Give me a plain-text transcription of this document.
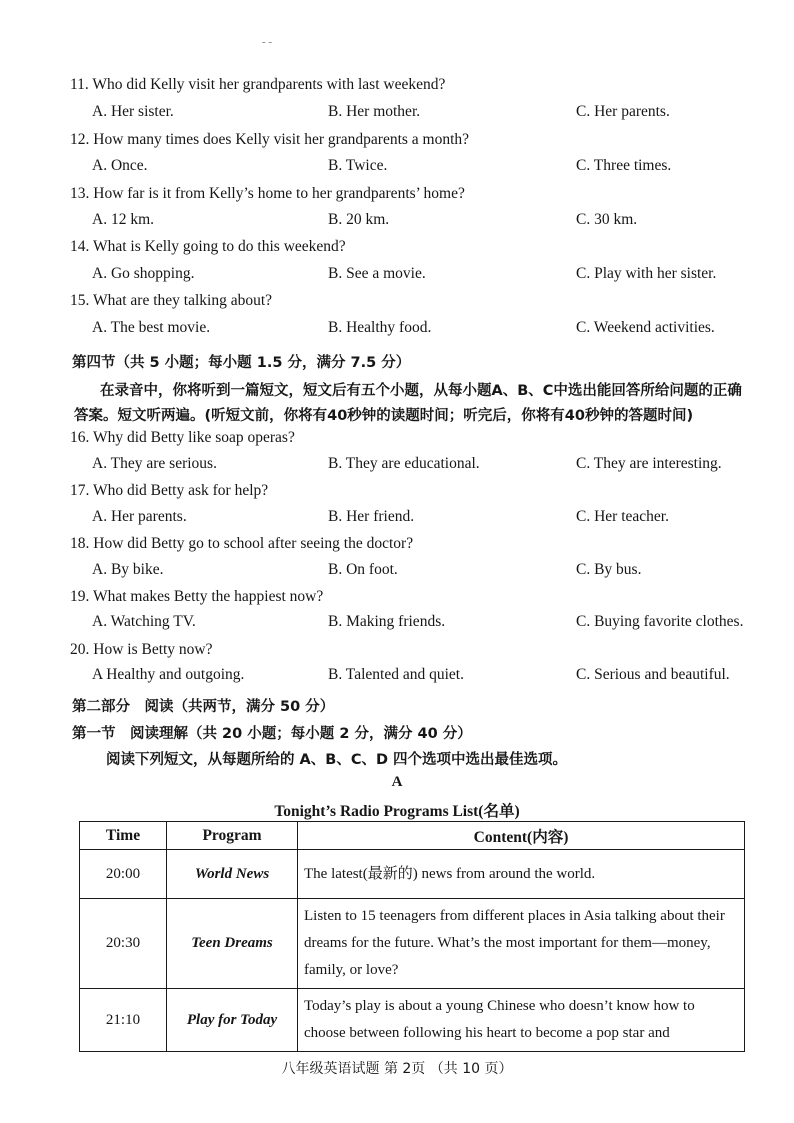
- -
11. Who did Kelly visit her grandparents with last weekend?
A. Her sister.	B. Her mother.	C. Her parents.
12. How many times does Kelly visit her grandparents a month?
A. Once.	B. Twice.	C. Three times.
13. How far is it from Kelly’s home to her grandparents’ home?
A. 12 km.	B. 20 km.	C. 30 km.
14. What is Kelly going to do this weekend?
A. Go shopping.	B. See a movie.	C. Play with her sister.
15. What are they talking about?
A. The best movie.	B. Healthy food.	C. Weekend activities.
第四节（共 5 小题；每小题 1.5 分，满分 7.5 分）
在录音中，你将听到一篇短文，短文后有五个小题，从每小题A、B、C中选出能回答所给问题的正确
答案。短文听两遍。(听短文前，你将有40秒钟的读题时间；听完后，你将有40秒钟的答题时间)
16. Why did Betty like soap operas?
A. They are serious.	B. They are educational.	C. They are interesting.
17. Who did Betty ask for help?
A. Her parents.	B. Her friend.	C. Her teacher.
18. How did Betty go to school after seeing the doctor?
A. By bike.	B. On foot.	C. By bus.
19. What makes Betty the happiest now?
A. Watching TV.	B. Making friends.	C. Buying favorite clothes.
20. How is Betty now?
A Healthy and outgoing.	B. Talented and quiet.	C. Serious and beautiful.
第二部分　阅读（共两节，满分 50 分）
第一节　阅读理解（共 20 小题；每小题 2 分，满分 40 分）
阅读下列短文，从每题所给的 A、B、C、D 四个选项中选出最佳选项。
A
Tonight’s Radio Programs List(名单)
Time	Program	Content(内容)
20:00	World News	The latest(最新的) news from around the world.
20:30	Teen Dreams	Listen to 15 teenagers from different places in Asia talking about their dreams for the future. What’s the most important for them—money, family, or love?
21:10	Play for Today	Today’s play is about a young Chinese who doesn’t know how to choose between following his heart to become a pop star and
八年级英语试题 第 2页 （共 10 页）
